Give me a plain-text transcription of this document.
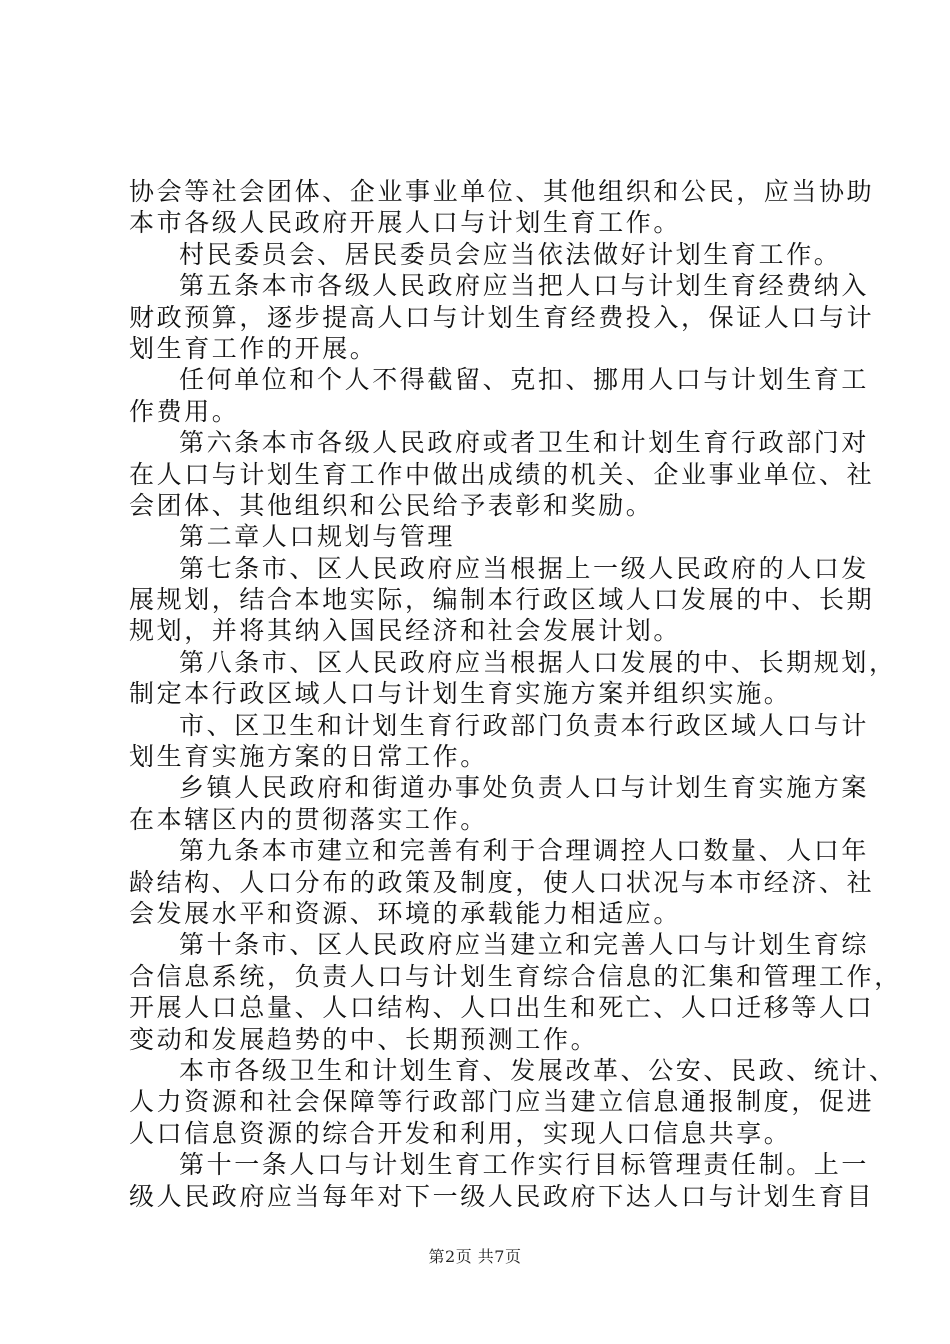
协会等社会团体、企业事业单位、其他组织和公民，应当协助
本市各级人民政府开展人口与计划生育工作。
村民委员会、居民委员会应当依法做好计划生育工作。
第五条本市各级人民政府应当把人口与计划生育经费纳入
财政预算，逐步提高人口与计划生育经费投入，保证人口与计
划生育工作的开展。
任何单位和个人不得截留、克扣、挪用人口与计划生育工
作费用。
第六条本市各级人民政府或者卫生和计划生育行政部门对
在人口与计划生育工作中做出成绩的机关、企业事业单位、社
会团体、其他组织和公民给予表彰和奖励。
第二章人口规划与管理
第七条市、区人民政府应当根据上一级人民政府的人口发
展规划，结合本地实际，编制本行政区域人口发展的中、长期
规划，并将其纳入国民经济和社会发展计划。
第八条市、区人民政府应当根据人口发展的中、长期规划，
制定本行政区域人口与计划生育实施方案并组织实施。
市、区卫生和计划生育行政部门负责本行政区域人口与计
划生育实施方案的日常工作。
乡镇人民政府和街道办事处负责人口与计划生育实施方案
在本辖区内的贯彻落实工作。
第九条本市建立和完善有利于合理调控人口数量、人口年
龄结构、人口分布的政策及制度，使人口状况与本市经济、社
会发展水平和资源、环境的承载能力相适应。
第十条市、区人民政府应当建立和完善人口与计划生育综
合信息系统，负责人口与计划生育综合信息的汇集和管理工作，
开展人口总量、人口结构、人口出生和死亡、人口迁移等人口
变动和发展趋势的中、长期预测工作。
本市各级卫生和计划生育、发展改革、公安、民政、统计、
人力资源和社会保障等行政部门应当建立信息通报制度，促进
人口信息资源的综合开发和利用，实现人口信息共享。
第十一条人口与计划生育工作实行目标管理责任制。上一
级人民政府应当每年对下一级人民政府下达人口与计划生育目
第2页 共7页
